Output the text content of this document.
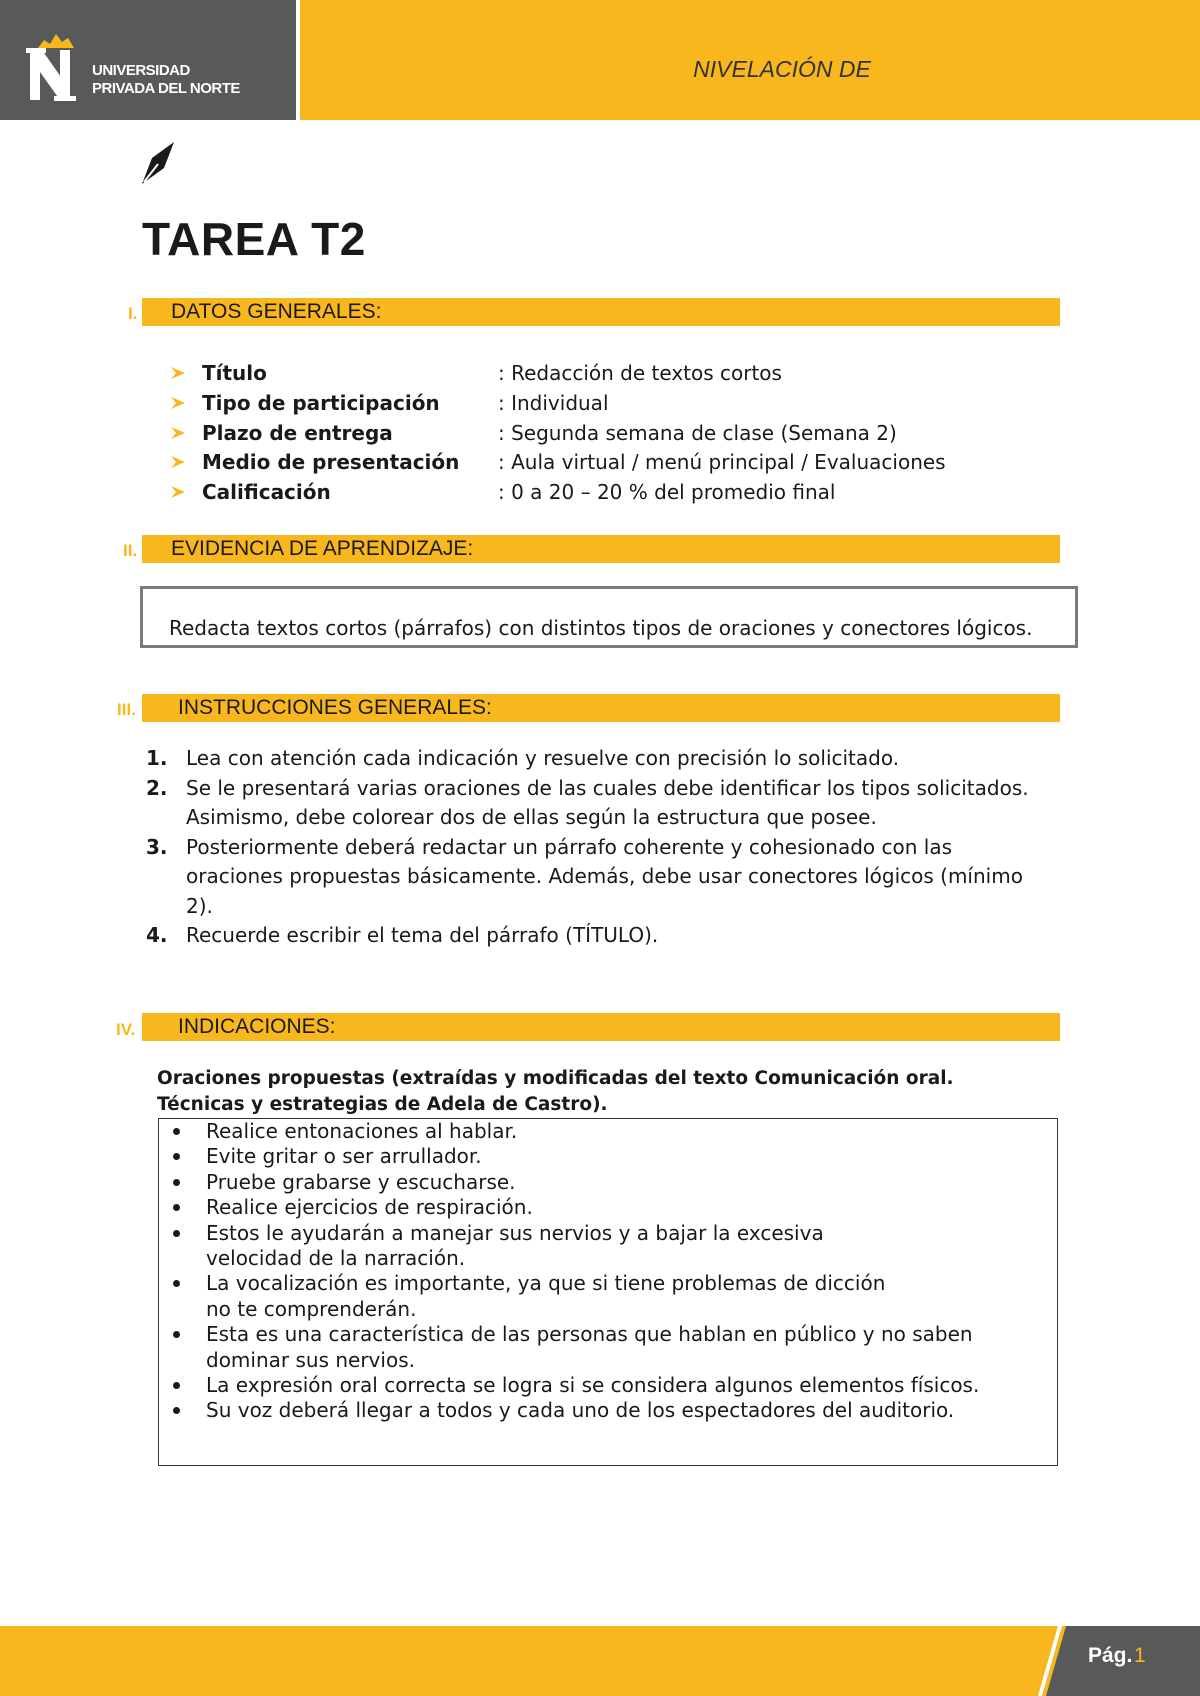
UNIVERSIDAD
PRIVADA DEL NORTE
NIVELACIÓN DE
TAREA T2
I. DATOS GENERALES:
Título	: Redacción de textos cortos
Tipo de participación	: Individual
Plazo de entrega	: Segunda semana de clase (Semana 2)
Medio de presentación : Aula virtual / menú principal / Evaluaciones
Calificación	: 0 a 20 – 20 % del promedio final
II. EVIDENCIA DE APRENDIZAJE:
Redacta textos cortos (párrafos) con distintos tipos de oraciones y conectores lógicos.
III. INSTRUCCIONES GENERALES:
1. Lea con atención cada indicación y resuelve con precisión lo solicitado.
2. Se le presentará varias oraciones de las cuales debe identificar los tipos solicitados. Asimismo, debe colorear dos de ellas según la estructura que posee.
3. Posteriormente deberá redactar un párrafo coherente y cohesionado con las oraciones propuestas básicamente. Además, debe usar conectores lógicos (mínimo 2).
4. Recuerde escribir el tema del párrafo (TÍTULO).
IV. INDICACIONES:
Oraciones propuestas (extraídas y modificadas del texto Comunicación oral. Técnicas y estrategias de Adela de Castro).
Realice entonaciones al hablar.
Evite gritar o ser arrullador.
Pruebe grabarse y escucharse.
Realice ejercicios de respiración.
Estos le ayudarán a manejar sus nervios y a bajar la excesiva velocidad de la narración.
La vocalización es importante, ya que si tiene problemas de dicción no te comprenderán.
Esta es una característica de las personas que hablan en público y no saben dominar sus nervios.
La expresión oral correcta se logra si se considera algunos elementos físicos.
Su voz deberá llegar a todos y cada uno de los espectadores del auditorio.
Pág. 1
